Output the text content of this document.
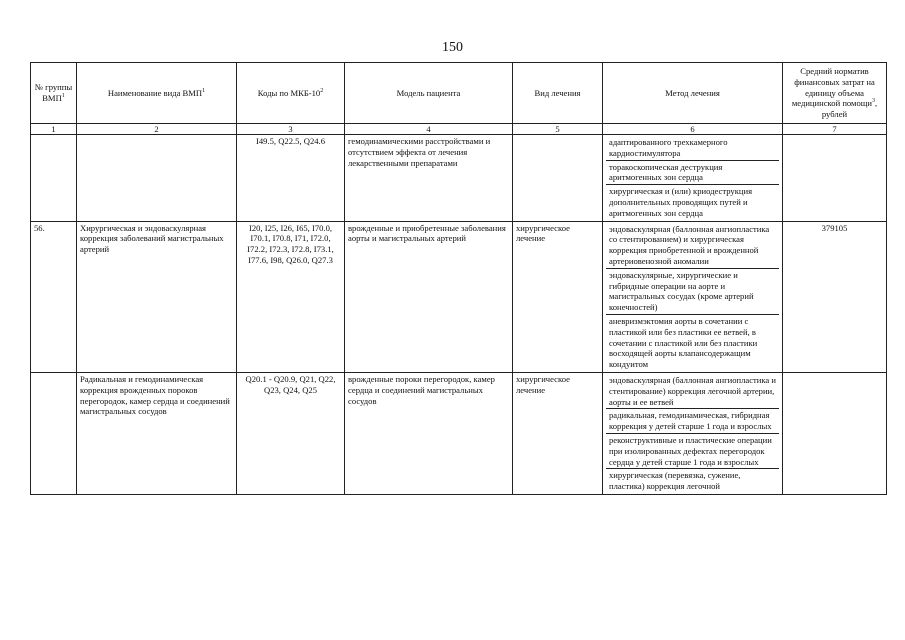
150
№ группы ВМП$^1$	Наименование вида ВМП$^1$	Коды по МКБ-$10^2$	Модель пациента	Вид лечения	Метод лечения	Средний норматив финансовых затрат на единицу объема медицинской помощи$^3$, рублей
1	2	3	4	5	6	7
		I49.5, Q22.5, Q24.6	гемодинамическими расстройствами и отсутствием эффекта от лечения лекарственными препаратами		адаптированного трехкамерного кардиостимулятора
торакоскопическая деструкция аритмогенных зон сердца
хирургическая и (или) криодеструкция дополнительных проводящих путей и аритмогенных зон сердца	

56.	Хирургическая и эндоваскулярная коррекция заболеваний магистральных артерий	I20, I25, I26, I65, I70.0, I70.1, I70.8, I71, I72.0, I72.2, I72.3, I72.8, I73.1, I77.6, I98, Q26.0, Q27.3	врожденные и приобретенные заболевания аорты и магистральных артерий	хирургическое лечение	эндоваскулярная (баллонная ангиопластика со стентированием) и хирургическая коррекция приобретенной и врожденной артериовенозной аномалии
эндоваскулярные, хирургические и гибридные операции на аорте и магистральных сосудах (кроме артерий конечностей)
аневризмэктомия аорты в сочетании с пластикой или без пластики ее ветвей, в сочетании с пластикой или без пластики восходящей аорты клапансодержащим кондуитом	379105
	Радикальная и гемодинамическая коррекция врожденных пороков перегородок, камер сердца и соединений магистральных сосудов	Q20.1 - Q20.9, Q21, Q22, Q23, Q24, Q25	врожденные пороки перегородок, камер сердца и соединений магистральных сосудов	хирургическое лечение	эндоваскулярная (баллонная ангиопластика и стентирование) коррекция легочной артерии, аорты и ее ветвей
радикальная, гемодинамическая, гибридная коррекция у детей старше 1 года и взрослых
реконструктивные и пластические операции при изолированных дефектах перегородок сердца у детей старше 1 года и взрослых
хирургическая (перевязка, сужение, пластика) коррекция легочной	
